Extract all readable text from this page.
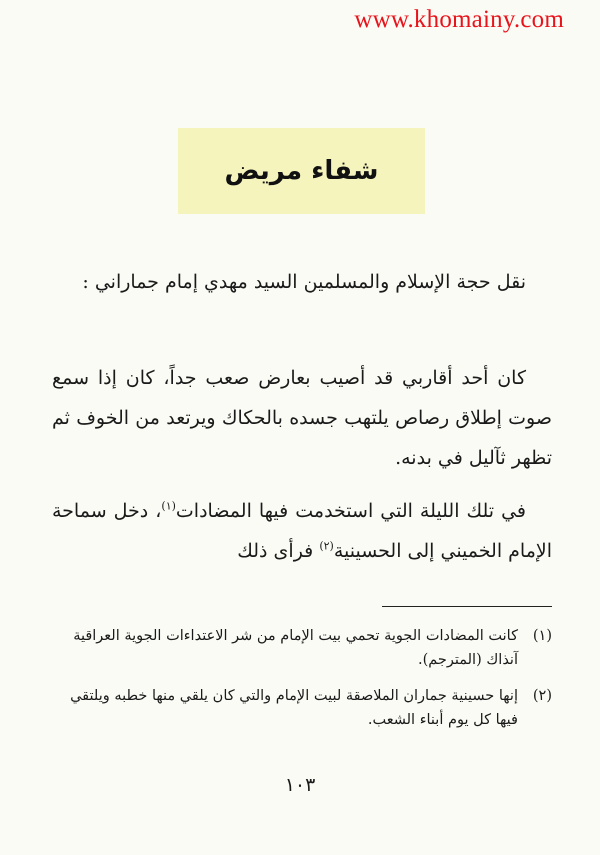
www.khomainy.com
شفاء مريض

نقل حجة الإسلام والمسلمين السيد مهدي إمام جماراني :

كان أحد أقاربي قد أصيب بعارض صعب جداً، كان إذا سمع صوت إطلاق رصاص يلتهب جسده بالحكاك ويرتعد من الخوف ثم تظهر ثآليل في بدنه.

في تلك الليلة التي استخدمت فيها المضادات$^{(١)}$، دخل سماحة الإمام الخميني إلى الحسينية$^{(٢)}$ فرأى ذلك

(١)
كانت المضادات الجوية تحمي بيت الإمام من شر الاعتداءات الجوية العراقية آنذاك (المترجم).
(٢)
إنها حسينية جماران الملاصقة لبيت الإمام والتي كان يلقي منها خطبه ويلتقي فيها كل يوم أبناء الشعب.
١٠٣
